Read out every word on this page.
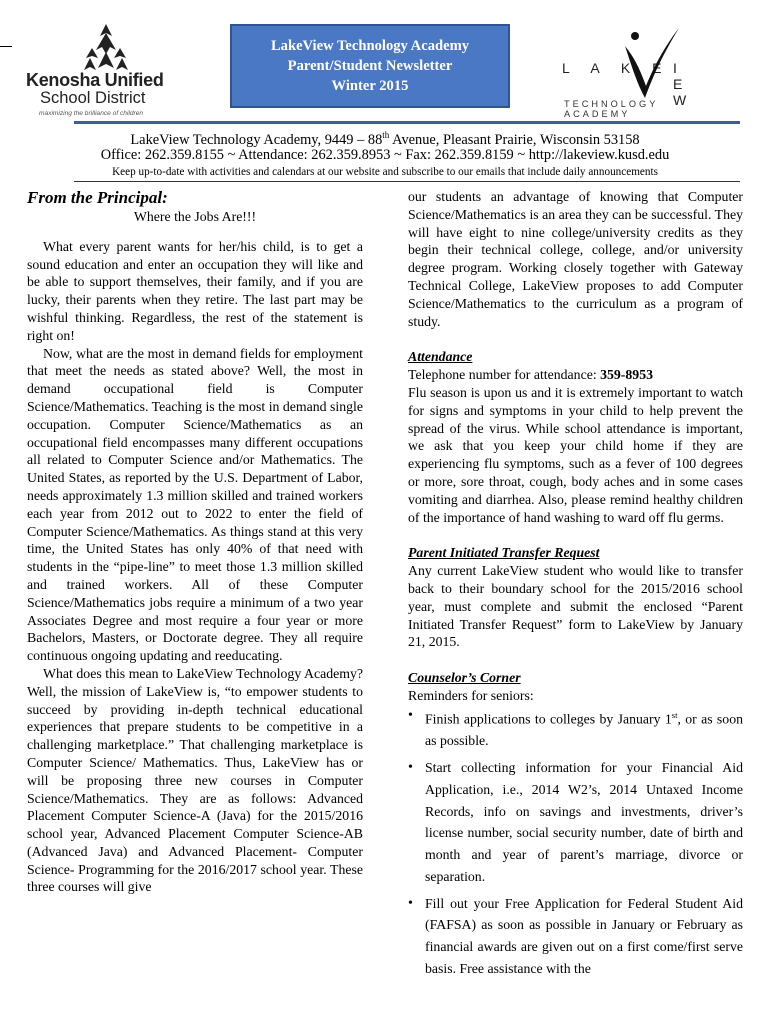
Kenosha Unified
School District
maximizing the brilliance of children
LakeView Technology Academy
Parent/Student Newsletter
Winter 2015
L A K E I E W
TECHNOLOGY ACADEMY
LakeView Technology Academy, 9449 – 88th Avenue, Pleasant Prairie, Wisconsin 53158
Office: 262.359.8155 ~ Attendance: 262.359.8953 ~ Fax: 262.359.8159 ~ http://lakeview.kusd.edu
Keep up-to-date with activities and calendars at our website and subscribe to our emails that include daily announcements

From the Principal:

Where the Jobs Are!!!

What every parent wants for her/his child, is to get a sound education and enter an occupation they will like and be able to support themselves, their family, and if you are lucky, their parents when they retire. The last part may be wishful thinking. Regardless, the rest of the statement is right on!

Now, what are the most in demand fields for employment that meet the needs as stated above? Well, the most in demand occupational field is Computer Science/Mathematics. Teaching is the most in demand single occupation. Computer Science/Mathematics as an occupational field encompasses many different occupations all related to Computer Science and/or Mathematics. The United States, as reported by the U.S. Department of Labor, needs approximately 1.3 million skilled and trained workers each year from 2012 out to 2022 to enter the field of Computer Science/Mathematics. As things stand at this very time, the United States has only 40% of that need with students in the “pipe-line” to meet those 1.3 million skilled and trained workers. All of these Computer Science/Mathematics jobs require a minimum of a two year Associates Degree and most require a four year or more Bachelors, Masters, or Doctorate degree. They all require continuous ongoing updating and reeducating.

What does this mean to LakeView Technology Academy? Well, the mission of LakeView is, “to empower students to succeed by providing in-depth technical educational experiences that prepare students to be competitive in a challenging marketplace.” That challenging marketplace is Computer Science/ Mathematics. Thus, LakeView has or will be proposing three new courses in Computer Science/Mathematics. They are as follows: Advanced Placement Computer Science-A (Java) for the 2015/2016 school year, Advanced Placement Computer Science-AB (Advanced Java) and Advanced Placement- Computer Science- Programming for the 2016/2017 school year. These three courses will give

our students an advantage of knowing that Computer Science/Mathematics is an area they can be successful. They will have eight to nine college/university credits as they begin their technical college, college, and/or university degree program. Working closely together with Gateway Technical College, LakeView proposes to add Computer Science/Mathematics to the curriculum as a program of study.

Attendance

Telephone number for attendance: 359-8953

Flu season is upon us and it is extremely important to watch for signs and symptoms in your child to help prevent the spread of the virus. While school attendance is important, we ask that you keep your child home if they are experiencing flu symptoms, such as a fever of 100 degrees or more, sore throat, cough, body aches and in some cases vomiting and diarrhea. Also, please remind healthy children of the importance of hand washing to ward off flu germs.

Parent Initiated Transfer Request

Any current LakeView student who would like to transfer back to their boundary school for the 2015/2016 school year, must complete and submit the enclosed “Parent Initiated Transfer Request” form to LakeView by January 21, 2015.

Counselor’s Corner

Reminders for seniors:

• Finish applications to colleges by January 1st, or as soon as possible.
• Start collecting information for your Financial Aid Application, i.e., 2014 W2’s, 2014 Untaxed Income Records, info on savings and investments, driver’s license number, social security number, date of birth and month and year of parent’s marriage, divorce or separation.
• Fill out your Free Application for Federal Student Aid (FAFSA) as soon as possible in January or February as financial awards are given out on a first come/first serve basis. Free assistance with the
